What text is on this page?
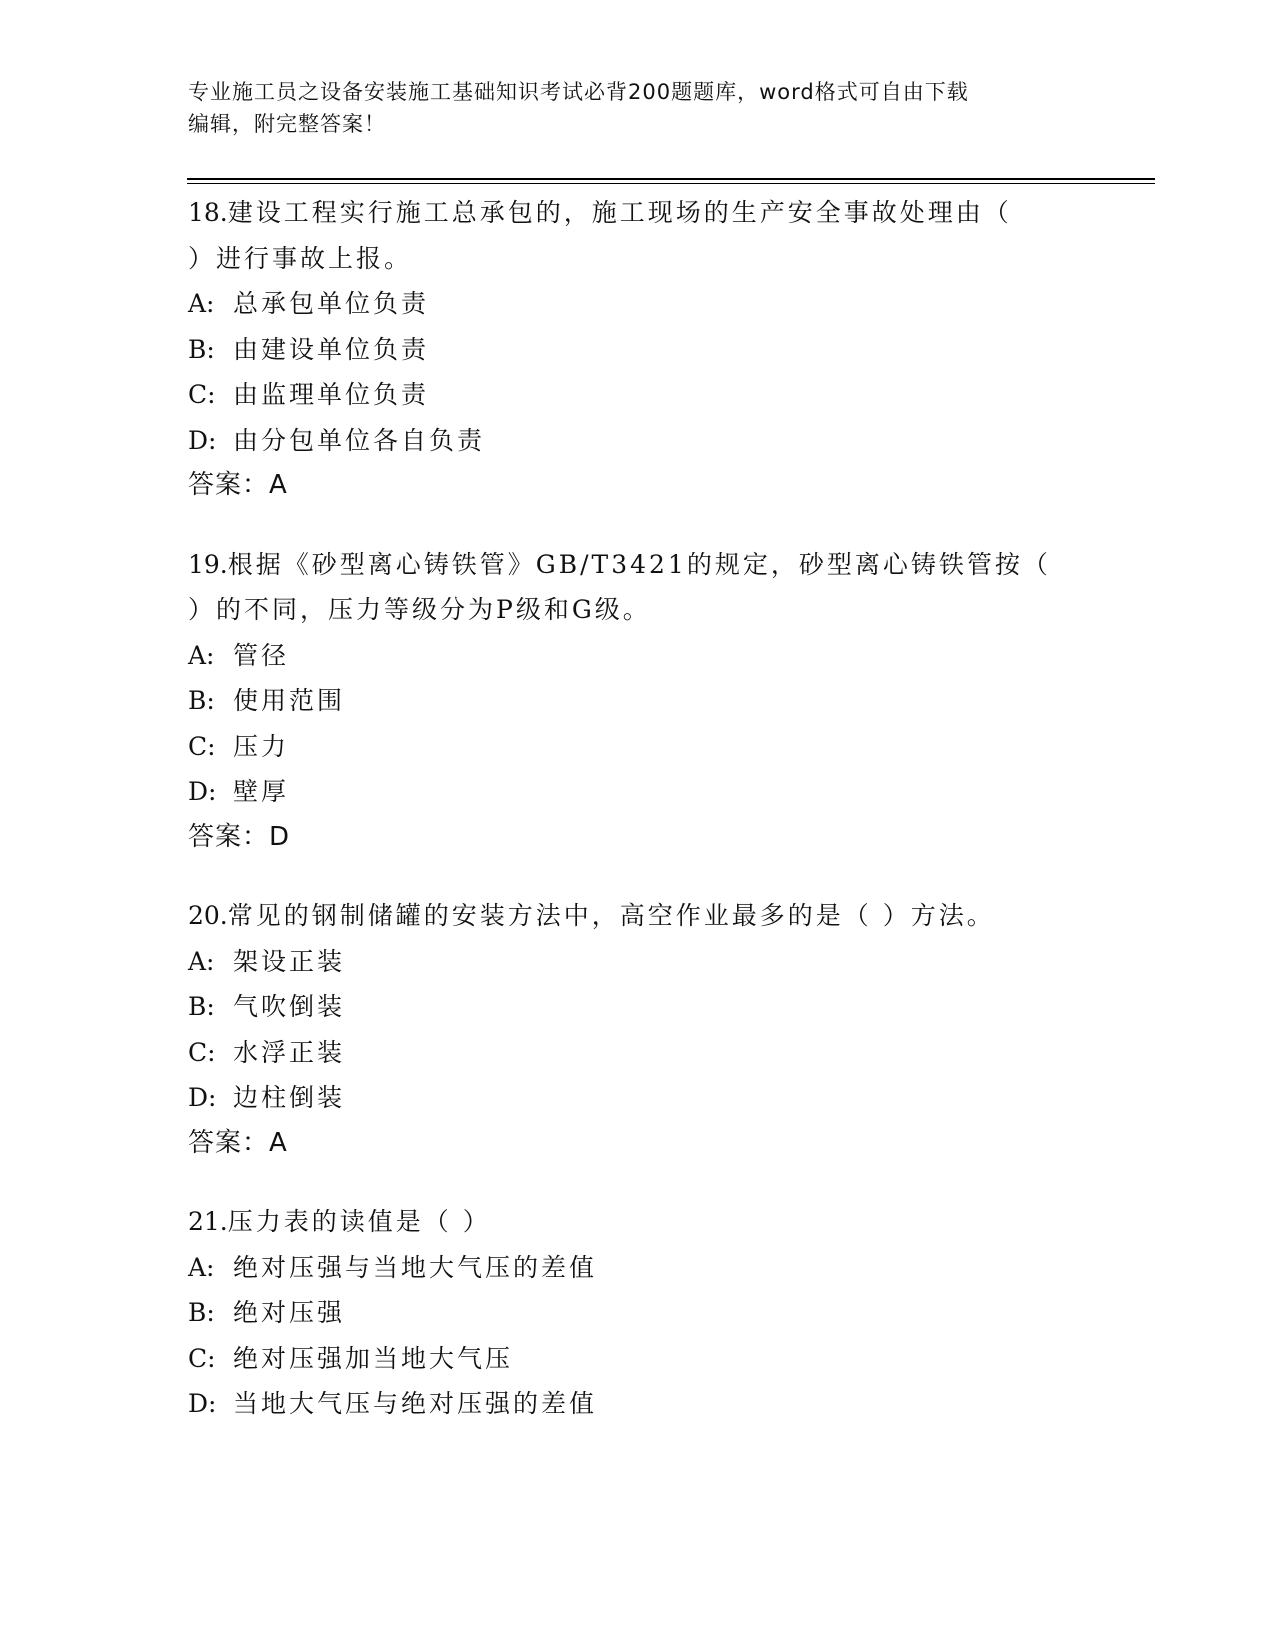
专业施工员之设备安装施工基础知识考试必背200题题库，word格式可自由下载
编辑，附完整答案！
18.建设工程实行施工总承包的，施工现场的生产安全事故处理由（
）进行事故上报。
A: 总承包单位负责
B: 由建设单位负责
C: 由监理单位负责
D: 由分包单位各自负责
答案：A
19.根据《砂型离心铸铁管》GB/T3421的规定，砂型离心铸铁管按（
）的不同，压力等级分为P级和G级。
A: 管径
B: 使用范围
C: 压力
D: 壁厚
答案：D
20.常见的钢制储罐的安装方法中，高空作业最多的是（ ）方法。
A: 架设正装
B: 气吹倒装
C: 水浮正装
D: 边柱倒装
答案：A
21.压力表的读值是（ ）
A: 绝对压强与当地大气压的差值
B: 绝对压强
C: 绝对压强加当地大气压
D: 当地大气压与绝对压强的差值
